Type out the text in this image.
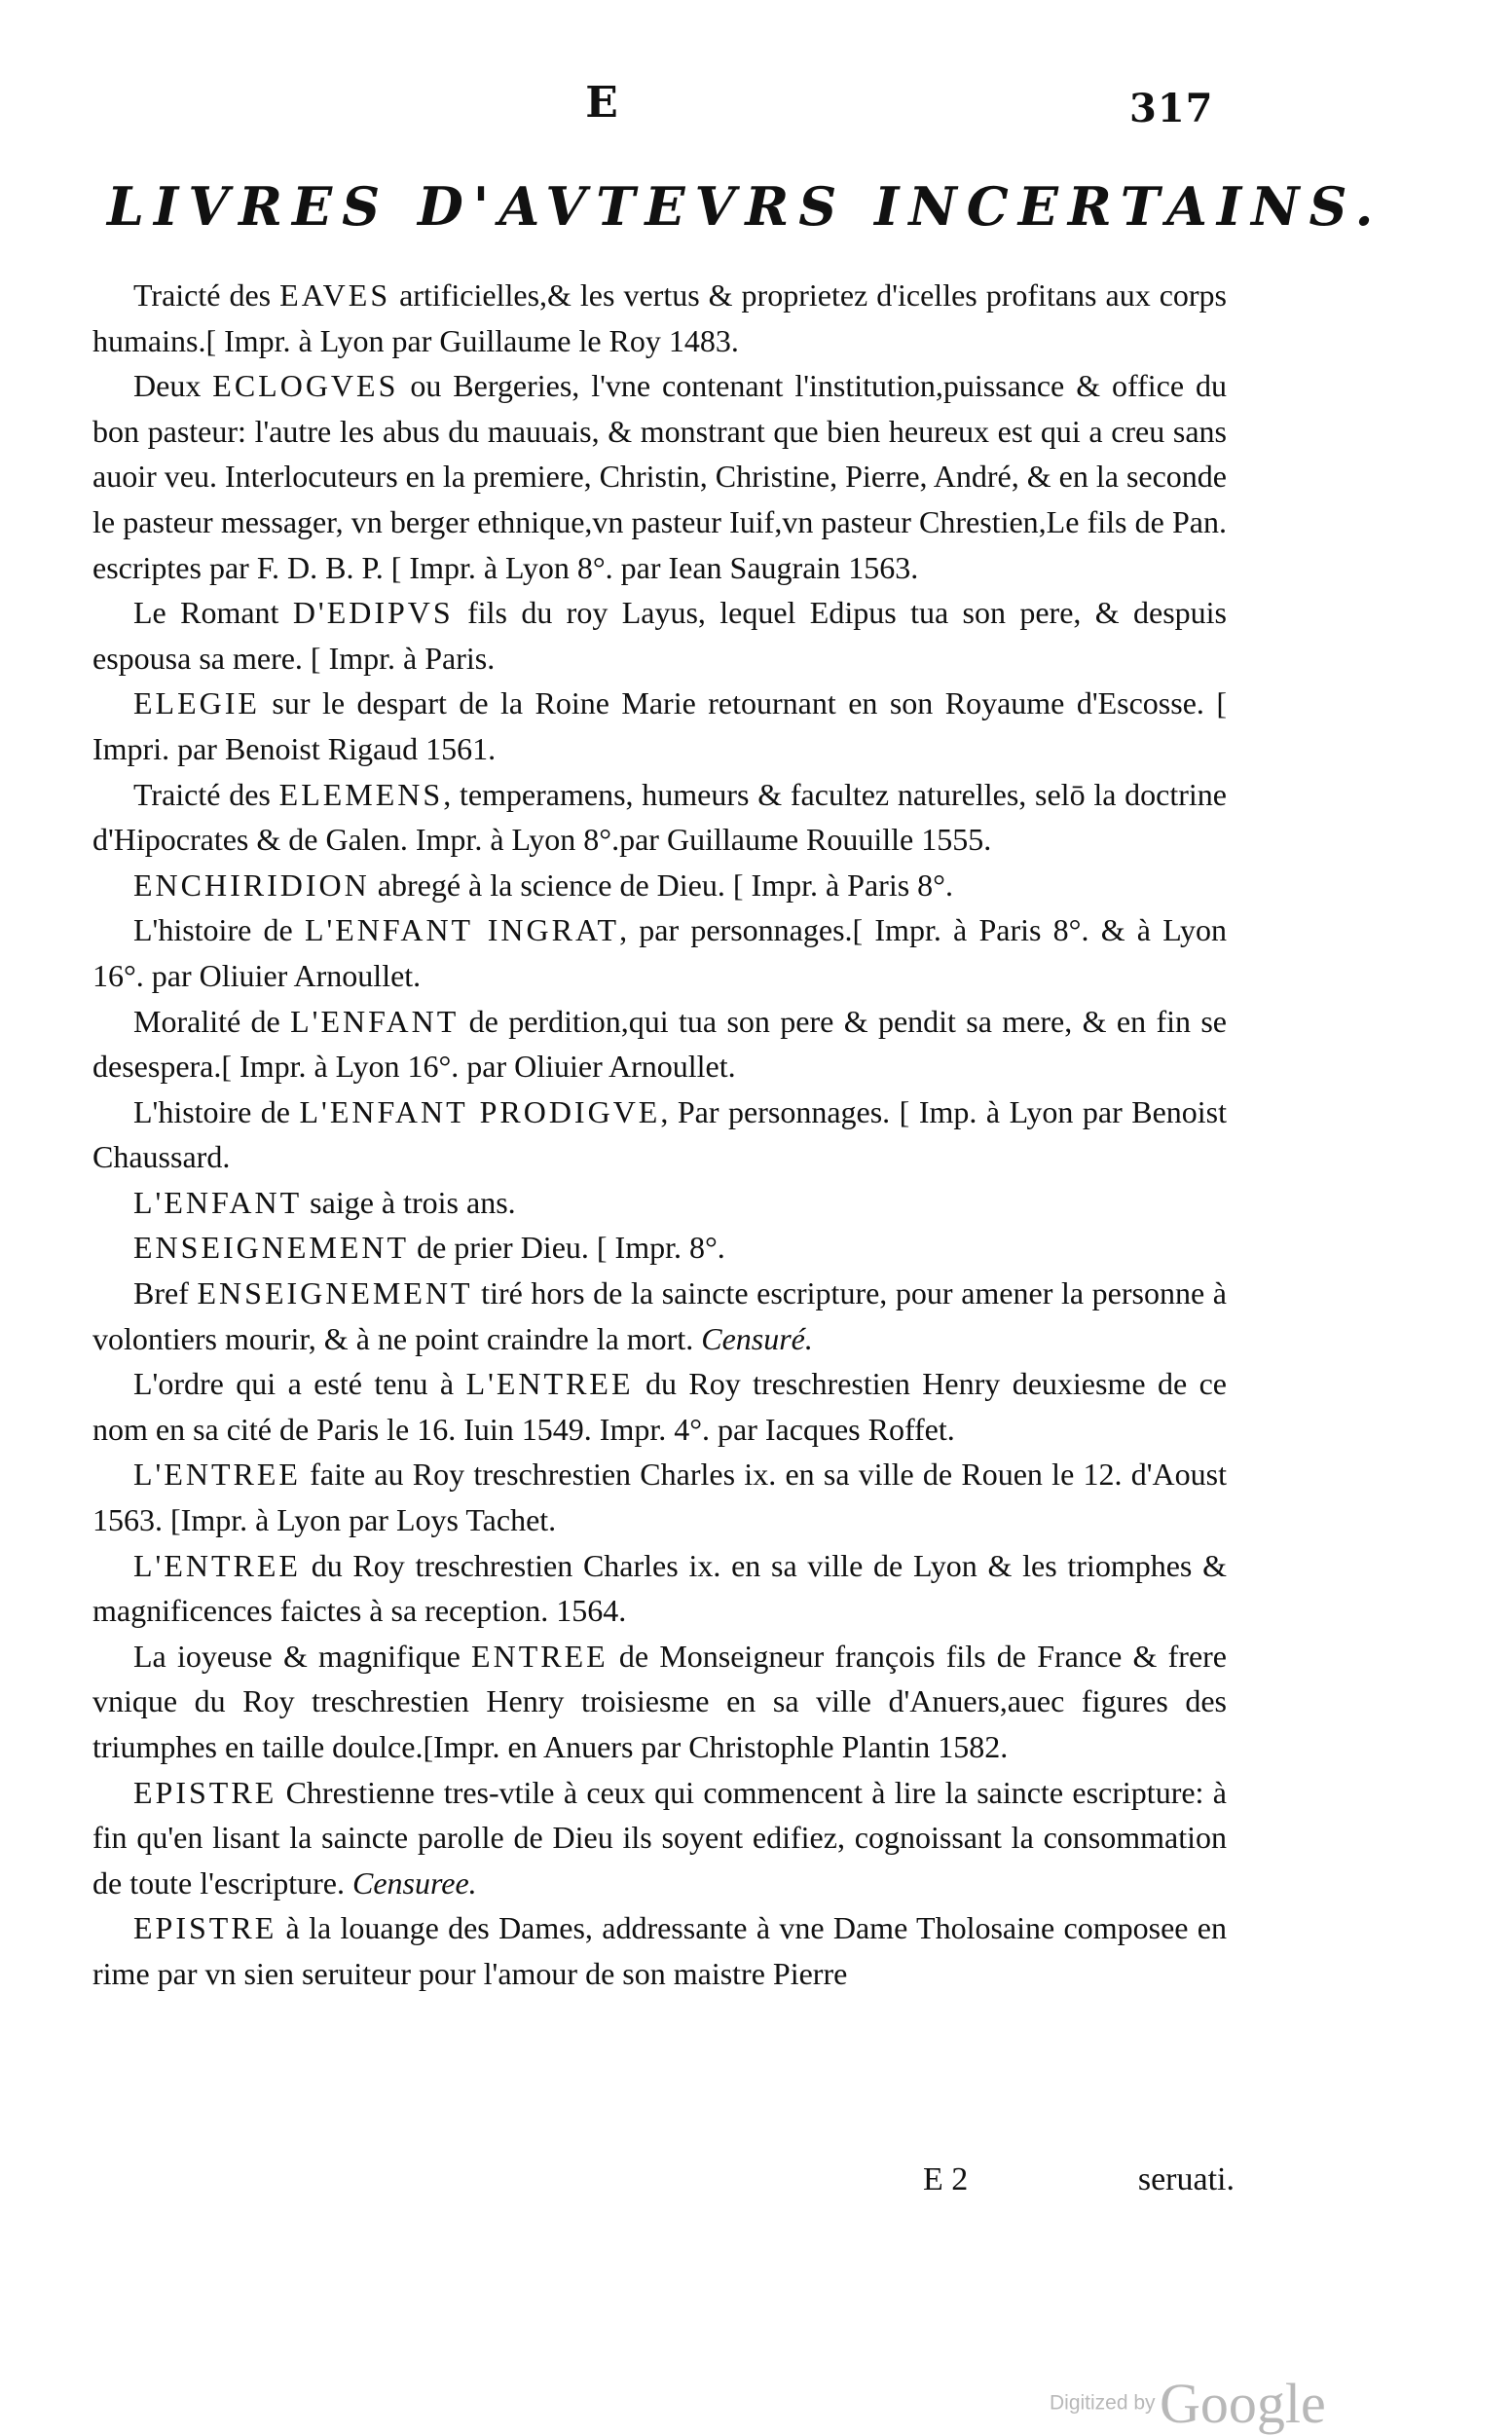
E	317
LIVRES D'AVTEVRS INCERTAINS.

Traicté des EAVES artificielles,& les vertus & proprietez d'icelles profitans aux corps humains.[ Impr. à Lyon par Guillaume le Roy 1483.

Deux ECLOGVES ou Bergeries, l'vne contenant l'institution,puissance & office du bon pasteur: l'autre les abus du mauuais, & monstrant que bien heureux est qui a creu sans auoir veu. Interlocuteurs en la premiere, Christin, Christine, Pierre, André, & en la seconde le pasteur messager, vn berger ethnique,vn pasteur Iuif,vn pasteur Chrestien,Le fils de Pan. escriptes par F. D. B. P. [ Impr. à Lyon 8°. par Iean Saugrain 1563.

Le Romant D'EDIPVS fils du roy Layus, lequel Edipus tua son pere, & despuis espousa sa mere. [ Impr. à Paris.

ELEGIE sur le despart de la Roine Marie retournant en son Royaume d'Escosse. [ Impri. par Benoist Rigaud 1561.

Traicté des ELEMENS, temperamens, humeurs & facultez naturelles, selō la doctrine d'Hipocrates & de Galen. Impr. à Lyon 8°.par Guillaume Rouuille 1555.

ENCHIRIDION abregé à la science de Dieu. [ Impr. à Paris 8°.

L'histoire de L'ENFANT INGRAT, par personnages.[ Impr. à Paris 8°. & à Lyon 16°. par Oliuier Arnoullet.

Moralité de L'ENFANT de perdition,qui tua son pere & pendit sa mere, & en fin se desespera.[ Impr. à Lyon 16°. par Oliuier Arnoullet.

L'histoire de L'ENFANT PRODIGVE, Par personnages. [ Imp. à Lyon par Benoist Chaussard.

L'ENFANT saige à trois ans.

ENSEIGNEMENT de prier Dieu. [ Impr. 8°.

Bref ENSEIGNEMENT tiré hors de la saincte escripture, pour amener la personne à volontiers mourir, & à ne point craindre la mort. Censuré.

L'ordre qui a esté tenu à L'ENTREE du Roy treschrestien Henry deuxiesme de ce nom en sa cité de Paris le 16. Iuin 1549. Impr. 4°. par Iacques Roffet.

L'ENTREE faite au Roy treschrestien Charles ix. en sa ville de Rouen le 12. d'Aoust 1563. [Impr. à Lyon par Loys Tachet.

L'ENTREE du Roy treschrestien Charles ix. en sa ville de Lyon & les triomphes & magnificences faictes à sa reception. 1564.

La ioyeuse & magnifique ENTREE de Monseigneur françois fils de France & frere vnique du Roy treschrestien Henry troisiesme en sa ville d'Anuers,auec figures des triumphes en taille doulce.[Impr. en Anuers par Christophle Plantin 1582.

EPISTRE Chrestienne tres-vtile à ceux qui commencent à lire la saincte escripture: à fin qu'en lisant la saincte parolle de Dieu ils soyent edifiez, cognoissant la consommation de toute l'escripture. Censuree.

EPISTRE à la louange des Dames, addressante à vne Dame Tholosaine composee en rime par vn sien seruiteur pour l'amour de son maistre Pierre

E 2	seruati.
Digitized by Google
